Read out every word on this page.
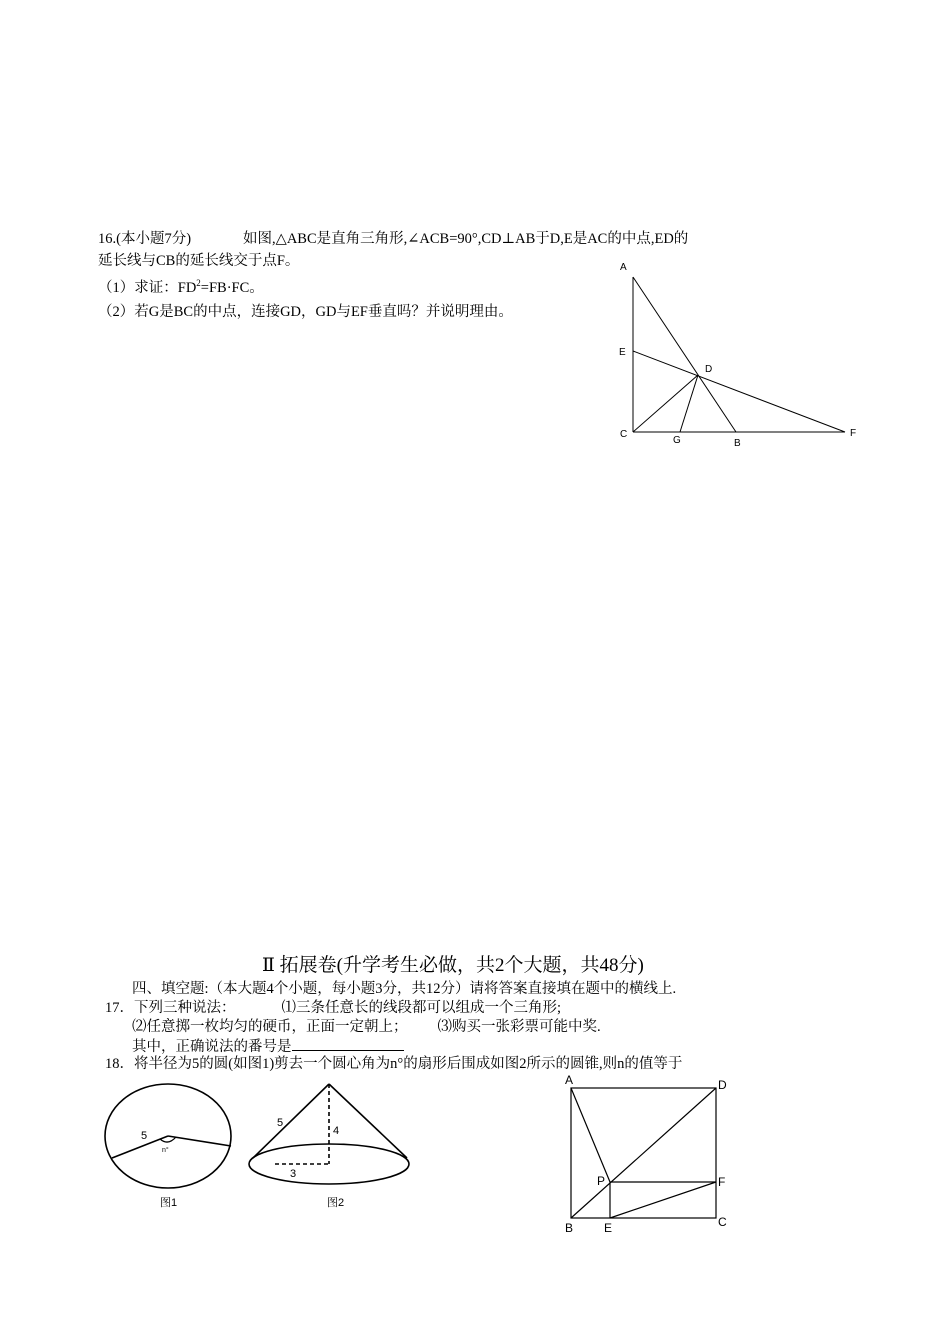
16.(本小题7分)	如图,△ABC是直角三角形,∠ACB=90°,CD⊥AB于D,E是AC的中点,ED的
延长线与CB的延长线交于点F。
（1）求证：$FD^2=FB\cdot FC$。
（2）若G是BC的中点，连接GD，GD与EF垂直吗？并说明理由。
A
E
D
C
G	B
F
Ⅱ 拓展卷(升学考生必做，共2个大题，共48分)
四、填空题:（本大题4个小题，每小题3分，共12分）请将答案直接填在题中的横线上.
17．下列三种说法：	⑴三条任意长的线段都可以组成一个三角形;
⑵任意掷一枚均匀的硬币，正面一定朝上； ⑶购买一张彩票可能中奖.
其中，正确说法的番号是
18．将半径为5的圆(如图1)剪去一个圆心角为n°的扇形后围成如图2所示的圆锥,则n的值等于
5
n°
图1
5
4
3
图2
A	D
P	F
B	E	C
